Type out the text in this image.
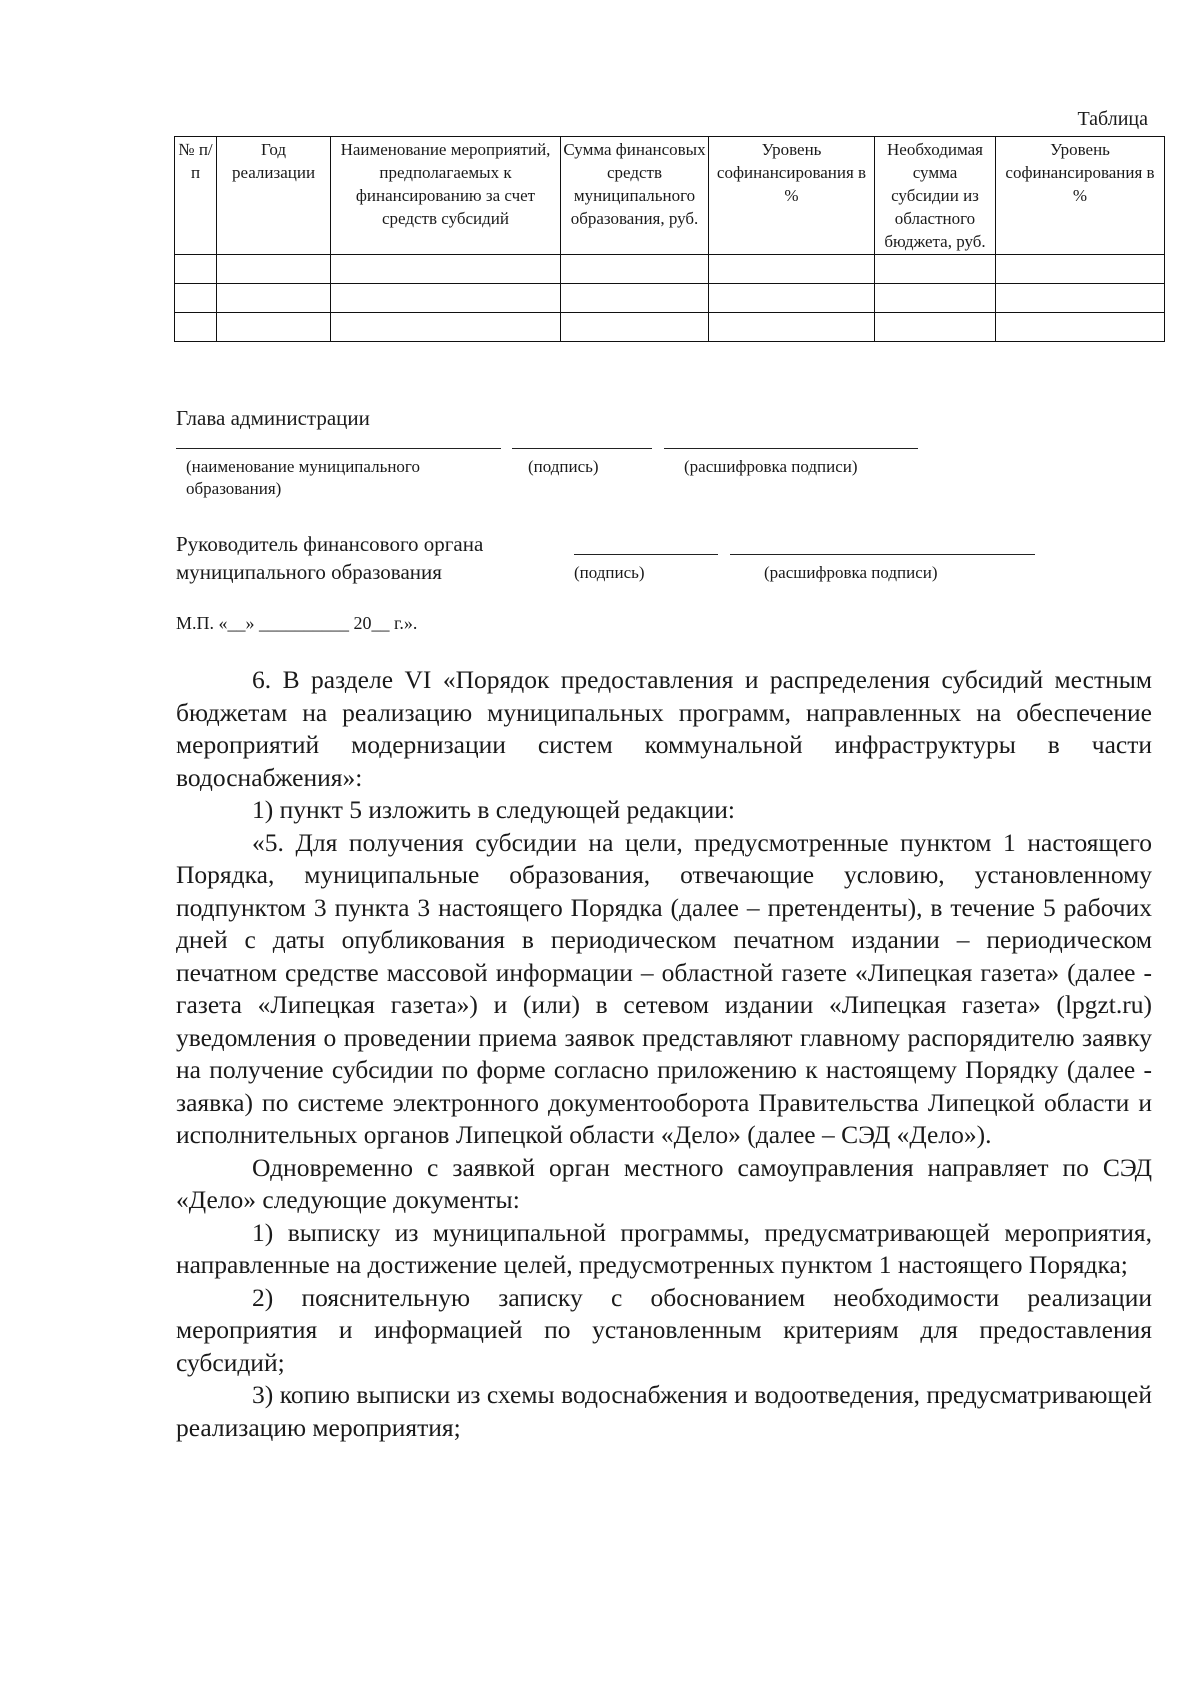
Таблица
№ п/п	Год реализации	Наименование мероприятий, предполагаемых к финансированию за счет средств субсидий	Сумма финансовых средств муниципального образования, руб.	Уровень софинансирования в %	Необходимая сумма субсидии из областного бюджета, руб.	Уровень софинансирования в %

Глава администрации
(наименование муниципального образования)
(подпись)	(расшифровка подписи)
Руководитель финансового органа
муниципального образования	(подпись)	(расшифровка подписи)
М.П. «__» __________ 20__ г.».

6. В разделе VI «Порядок предоставления и распределения субсидий местным бюджетам на реализацию муниципальных программ, направленных на обеспечение мероприятий модернизации систем коммунальной инфраструктуры в части водоснабжения»:

1) пункт 5 изложить в следующей редакции:

«5. Для получения субсидии на цели, предусмотренные пунктом 1 настоящего Порядка, муниципальные образования, отвечающие условию, установленному подпунктом 3 пункта 3 настоящего Порядка (далее – претенденты), в течение 5 рабочих дней с даты опубликования в периодическом печатном издании – периодическом печатном средстве массовой информации – областной газете «Липецкая газета» (далее - газета «Липецкая газета») и (или) в сетевом издании «Липецкая газета» (lpgzt.ru) уведомления о проведении приема заявок представляют главному распорядителю заявку на получение субсидии по форме согласно приложению к настоящему Порядку (далее - заявка) по системе электронного документооборота Правительства Липецкой области и исполнительных органов Липецкой области «Дело» (далее – СЭД «Дело»).

Одновременно с заявкой орган местного самоуправления направляет по СЭД «Дело» следующие документы:

1) выписку из муниципальной программы, предусматривающей мероприятия, направленные на достижение целей, предусмотренных пунктом 1 настоящего Порядка;

2) пояснительную записку с обоснованием необходимости реализации мероприятия и информацией по установленным критериям для предоставления субсидий;

3) копию выписки из схемы водоснабжения и водоотведения, предусматривающей реализацию мероприятия;
